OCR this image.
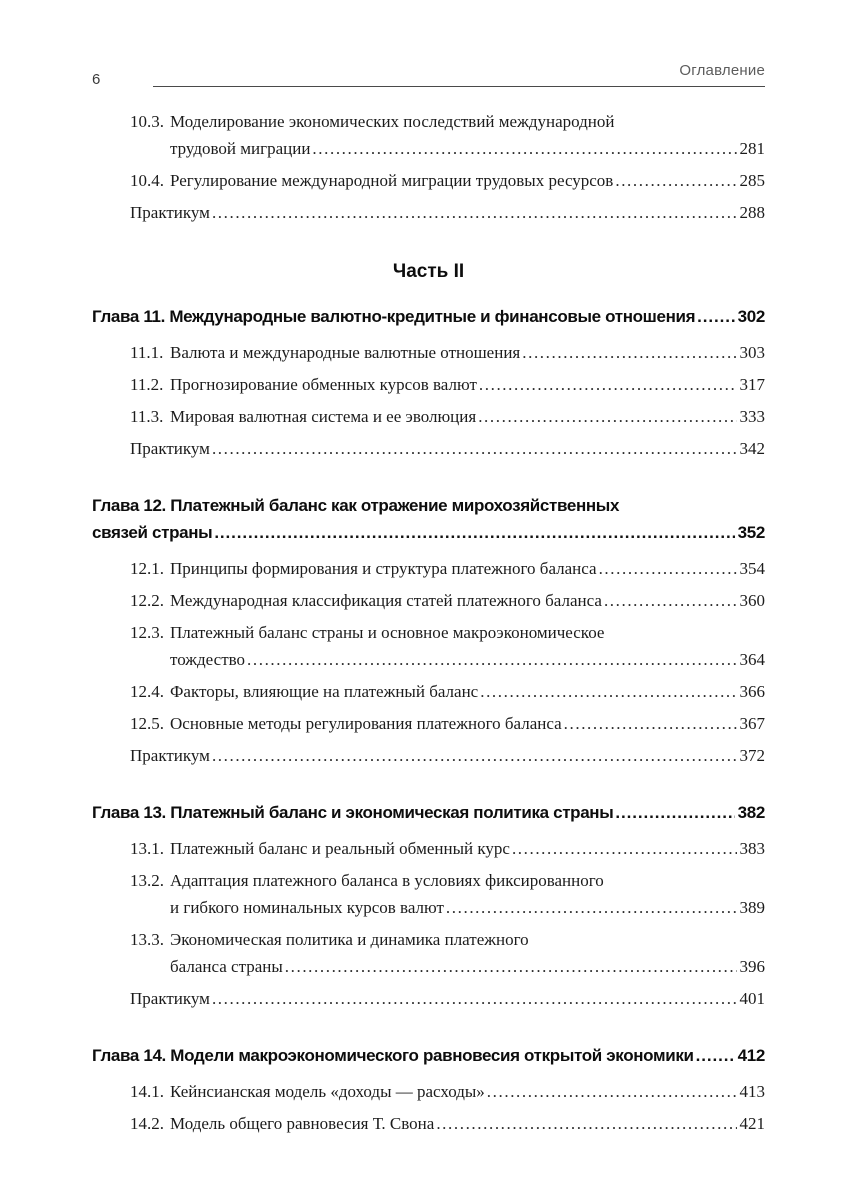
6
Оглавление
10.3. Моделирование экономических последствий международной
трудовой миграции .....	281
10.4. Регулирование международной миграции трудовых ресурсов .....	285
Практикум .....	288
Часть II
Глава 11. Международные валютно-кредитные и финансовые отношения .....	302
11.1. Валюта и международные валютные отношения .....	303
11.2. Прогнозирование обменных курсов валют .....	317
11.3. Мировая валютная система и ее эволюция .....	333
Практикум .....	342
Глава 12. Платежный баланс как отражение мирохозяйственных
связей страны .....	352
12.1. Принципы формирования и структура платежного баланса .....	354
12.2. Международная классификация статей платежного баланса .....	360
12.3. Платежный баланс страны и основное макроэкономическое
тождество .....	364
12.4. Факторы, влияющие на платежный баланс .....	366
12.5. Основные методы регулирования платежного баланса .....	367
Практикум .....	372
Глава 13. Платежный баланс и экономическая политика страны .....	382
13.1. Платежный баланс и реальный обменный курс .....	383
13.2. Адаптация платежного баланса в условиях фиксированного
и гибкого номинальных курсов валют .....	389
13.3. Экономическая политика и динамика платежного
баланса страны .....	396
Практикум .....	401
Глава 14. Модели макроэкономического равновесия открытой экономики .....	412
14.1. Кейнсианская модель «доходы — расходы» .....	413
14.2. Модель общего равновесия Т. Свона .....	421
